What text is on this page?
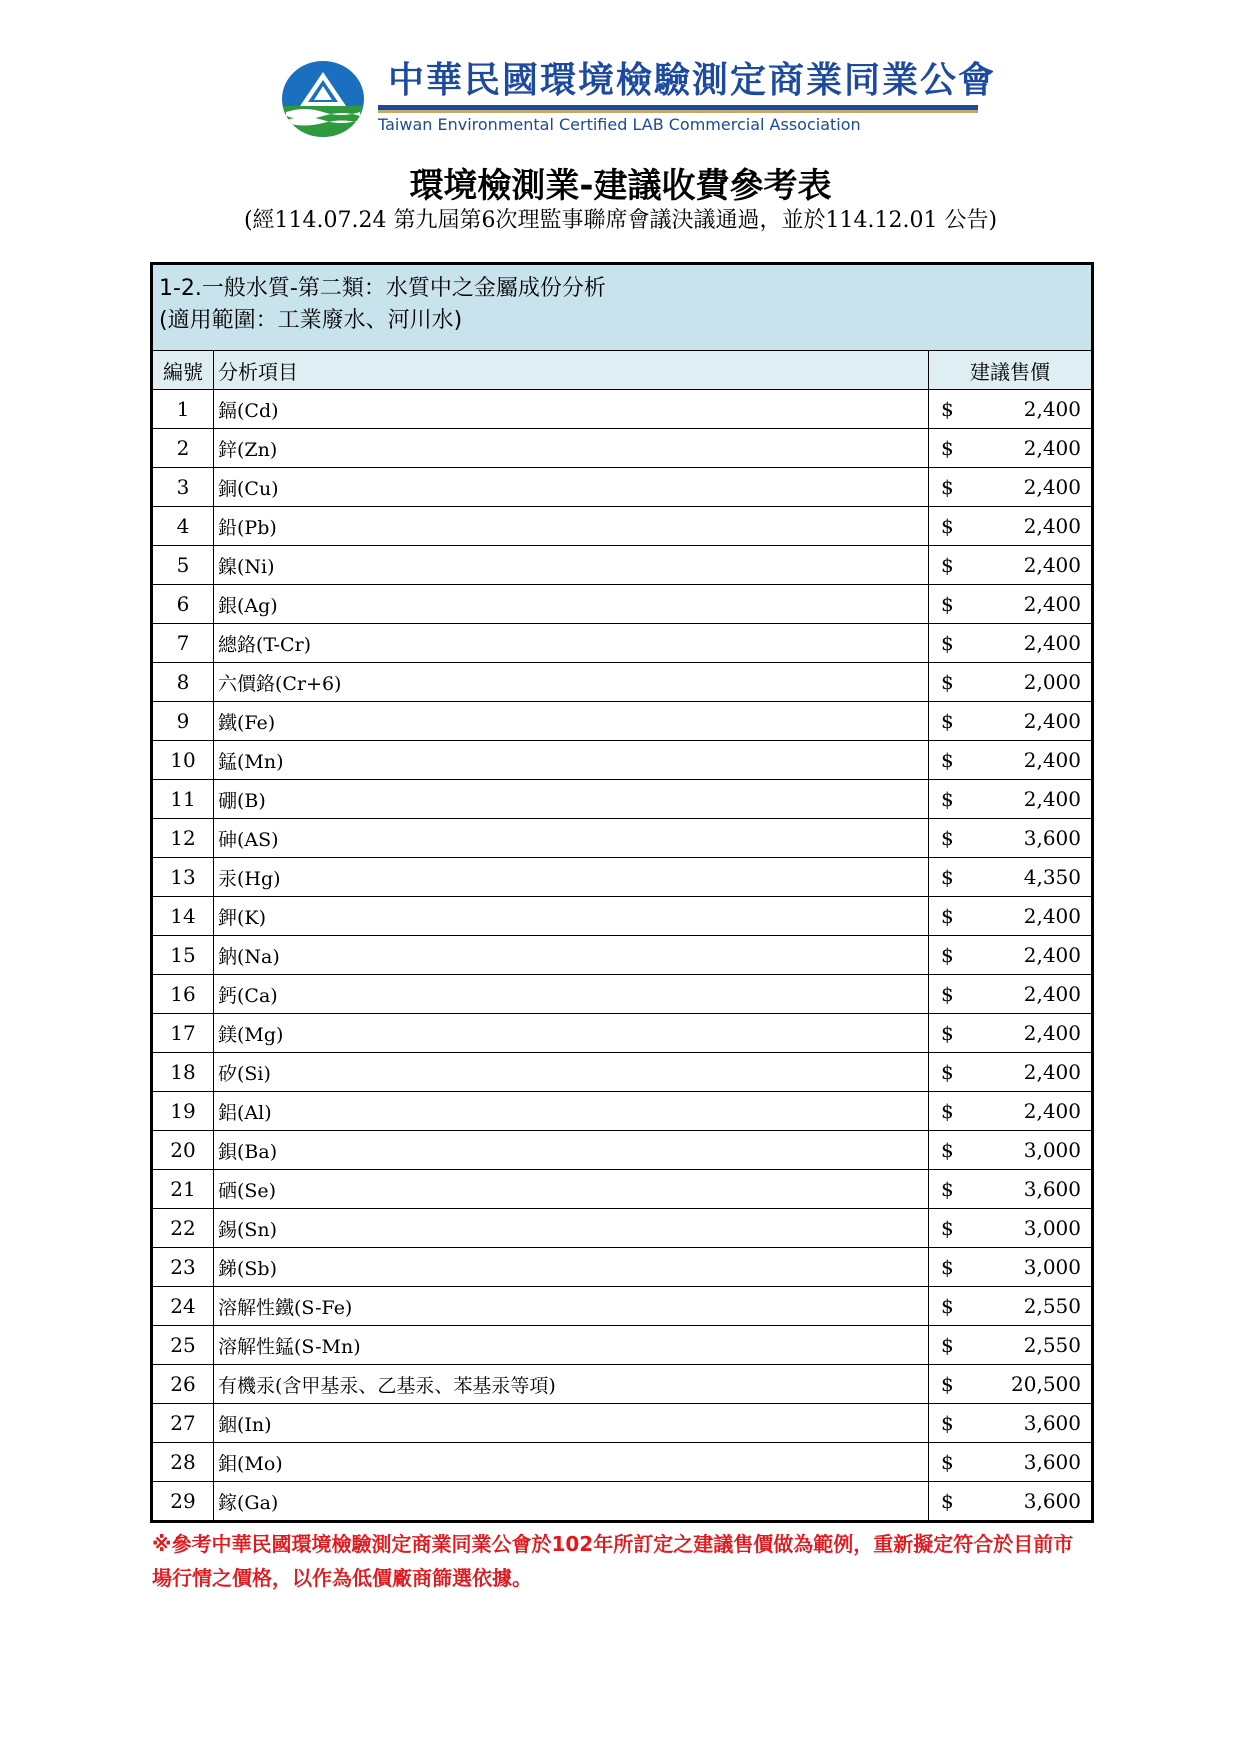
中華民國環境檢驗測定商業同業公會
Taiwan Environmental Certified LAB Commercial Association
環境檢測業-建議收費參考表
(經114.07.24 第九屆第6次理監事聯席會議決議通過，並於114.12.01 公告)
1-2.一般水質-第二類：水質中之金屬成份分析
(適用範圍：工業廢水、河川水)
編號	分析項目	建議售價
1	鎘(Cd)	$ 2,400
2	鋅(Zn)	$ 2,400
3	銅(Cu)	$ 2,400
4	鉛(Pb)	$ 2,400
5	鎳(Ni)	$ 2,400
6	銀(Ag)	$ 2,400
7	總鉻(T-Cr)	$ 2,400
8	六價鉻(Cr+6)	$ 2,000
9	鐵(Fe)	$ 2,400
10	錳(Mn)	$ 2,400
11	硼(B)	$ 2,400
12	砷(AS)	$ 3,600
13	汞(Hg)	$ 4,350
14	鉀(K)	$ 2,400
15	鈉(Na)	$ 2,400
16	鈣(Ca)	$ 2,400
17	鎂(Mg)	$ 2,400
18	矽(Si)	$ 2,400
19	鋁(Al)	$ 2,400
20	鋇(Ba)	$ 3,000
21	硒(Se)	$ 3,600
22	錫(Sn)	$ 3,000
23	銻(Sb)	$ 3,000
24	溶解性鐵(S-Fe)	$ 2,550
25	溶解性錳(S-Mn)	$ 2,550
26	有機汞(含甲基汞、乙基汞、苯基汞等項)	$ 20,500
27	銦(In)	$ 3,600
28	鉬(Mo)	$ 3,600
29	鎵(Ga)	$ 3,600
※參考中華民國環境檢驗測定商業同業公會於102年所訂定之建議售價做為範例，重新擬定符合於目前市場行情之價格，以作為低價廠商篩選依據。
